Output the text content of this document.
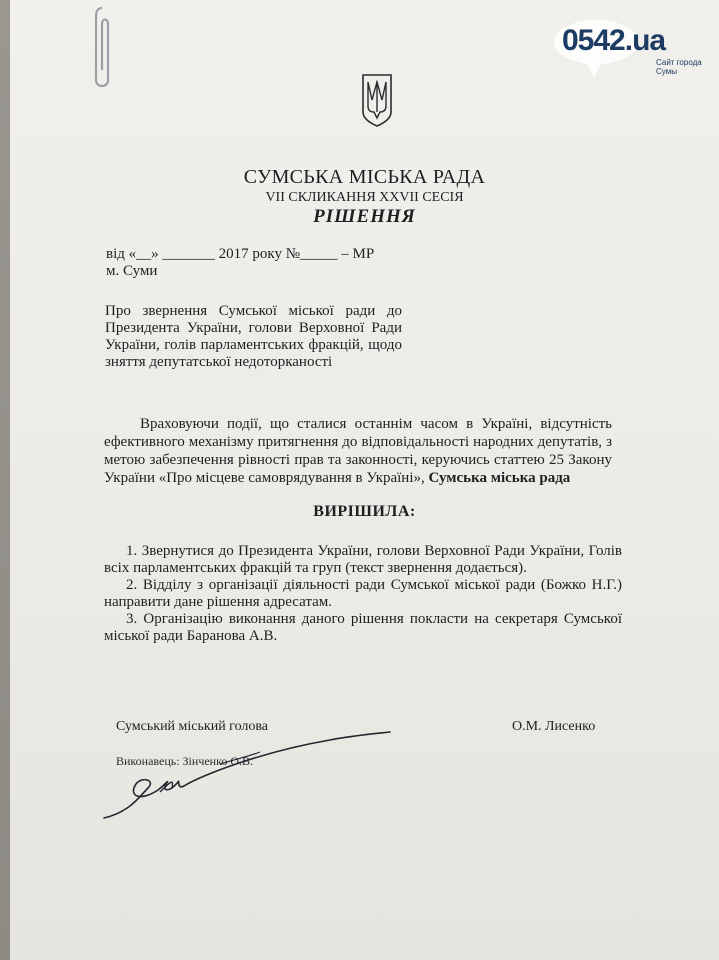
0542.ua
Сайт города Сумы
СУМСЬКА МІСЬКА РАДА
VII СКЛИКАННЯ XXVII СЕСІЯ
РІШЕННЯ
від «__» _______ 2017 року №_____ – МР
м. Суми
Про звернення Сумської міської ради до Президента України, голови Верховної Ради України, голів парламентських фракцій, щодо зняття депутатської недоторканості
Враховуючи події, що сталися останнім часом в Україні, відсутність ефективного механізму притягнення до відповідальності народних депутатів, з метою забезпечення рівності прав та законності, керуючись статтею 25 Закону України «Про місцеве самоврядування в Україні», Сумська міська рада
ВИРІШИЛА:
1. Звернутися до Президента України, голови Верховної Ради України, Голів всіх парламентських фракцій та груп (текст звернення додається).
2. Відділу з організації діяльності ради Сумської міської ради (Божко Н.Г.) направити дане рішення адресатам.
3. Організацію виконання даного рішення покласти на секретаря Сумської міської ради Баранова А.В.
Сумський міський голова	О.М. Лисенко
Виконавець: Зінченко О.В.
